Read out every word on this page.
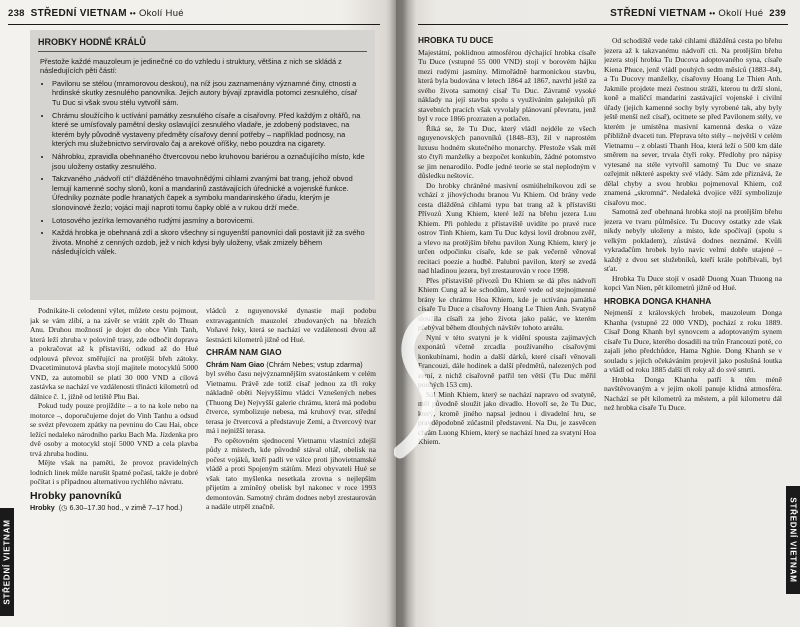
238 STŘEDNÍ VIETNAM •• Okolí Hué
HROBKY HODNÉ KRÁLŮ
Přestože každé mauzoleum je jedinečné co do vzhledu i struktury, většina z nich se skládá z následujících pěti částí:
• Pavilonu se stélou (mramorovou deskou), na níž jsou zaznamenány významné činy, ctnosti a hrdinské skutky zesnulého panovníka. Jejich autory bývají zpravidla potomci zesnulého, císař Tu Duc si však svou stélu vytvořil sám.
• Chrámu sloužícího k uctívání památky zesnulého císaře a císařovny. Před každým z oltářů, na které se umísťovaly pamětní desky oslavující zesnulého vladaře, je zdobený podstavec, na kterém byly původně vystaveny předměty císařovy denní potřeby – například podnosy, na kterých mu služebnictvo servírovalo čaj a arekové oříšky, nebo pouzdra na cigarety.
• Náhrobku, zpravidla obehnaného čtvercovou nebo kruhovou bariérou a označujícího místo, kde jsou uloženy ostatky zesnulého.
• Takzvaného „nádvoří ctí“ dlážděného tmavohnědými cihlami zvanými bat trang, jehož obvod lemují kamenné sochy slonů, koní a mandarinů zastávajících úřednické a vojenské funkce. Úředníky poznáte podle hranatých čapek a symbolu mandarinského úřadu, kterým je slonovinové žezlo; vojáci mají naproti tomu čapky oblé a v rukou drží meče.
• Lotosového jezírka lemovaného rudými jasmíny a borovicemi.
• Každá hrobka je obehnaná zdí a skoro všechny si nguyenští panovníci dali postavit již za svého života. Mnohé z cenných ozdob, jež v nich kdysi byly uloženy, však zmizely během následujících válek.

Podnikáte-li celodenní výlet, můžete cestu pojmout, jak se vám zlíbí, a na závěr se vrátit zpět do Thuan Anu. Druhou možností je dojet do obce Vinh Tanh, která leží zhruba v polovině trasy, zde odbočit doprava a pokračovat až k přístavišti, odkud až do Hué odplouvá převoz směřující na protější břeh zátoky. Dvacetiminutová plavba stojí majitele motocyklů 5000 VND, za automobil se platí 30 000 VND a cílová zastávka se nachází ve vzdálenosti třinácti kilometrů od dálnice č. 1, jižně od letiště Phu Bai.

Pokud tudy pouze projíždíte – a to na kole nebo na motorce –, doporučujeme dojet do Vinh Tanhu a odsud se svézt převozem zpátky na pevninu do Cau Hai, obce ležící nedaleko národního parku Bach Ma. Jízdenka pro dvě osoby a motocykl stojí 5000 VND a cela plavba trvá zhruba hodinu.

Mějte však na paměti, že provoz pravidelných lodních linek může narušit špatné počasí, takže je dobré počítat i s případnou alternativou rychlého návratu.

Hrobky panovníků
Hrobky  (◷ 6.30–17.30 hod., v zimě 7–17 hod.)

vládců z nguyenovské dynastie mají podobu extravagantních mauzoleí zbudovaných na březích Voňavé řeky, která se nachází ve vzdálenosti dvou až šestnácti kilometrů jižně od Hué.

CHRÁM NAM GIAO
Chrám Nam Giao (Chrám Nebes; vstup zdarma)

byl svého času nejvýznamnějším svatostánkem v celém Vietnamu. Právě zde totiž císař jednou za tři roky nákladně oběti Nejvyššímu vládci Vznešených nebes (Thuong De) Nejvyšší galerie chrámu, která má podobu čtverce, symbolizuje nebesa, má kruhový tvar, střední terasa je čtvercová a představuje Zemi, a čtvercový tvar má i nejnižší terasa.

Po opětovném sjednocení Vietnamu vlastníci zdejší půdy z místech, kde původně stával oltář, obelisk na počest vojáků, kteří padli ve válce proti jihovietnamské vládě a proti Spojeným státům. Mezi obyvateli Hué se však tato myšlenka nesetkala zrovna s nejlepším přijetím a zmíněný obelisk byl nakonec v roce 1993 demontován. Samotný chrám dodnes nebyl zrestaurován a nadále utrpěl značně.

STŘEDNÍ VIETNAM
STŘEDNÍ VIETNAM •• Okolí Hué 239
HROBKA TU DUCE

Majestátní, poklidnou atmosférou dýchající hrobka císaře Tu Duce (vstupné 55 000 VND) stojí v borovém hájku mezi rudými jasmíny. Mimořádně harmonickou stavbu, která byla budována v letech 1864 až 1867, navrhl ještě za svého života samotný císař Tu Duc. Závratně vysoké náklady na její stavbu spolu s využíváním galejníků při stavebních pracích však vyvolaly plánovaní převratu, jenž byl v roce 1866 prozrazen a potlačen.

Říká se, že Tu Duc, který vládl nejdéle ze všech nguyenovských panovníků (1848–83), žil v naprostém luxusu hodném skutečného monarchy. Přestože však měl sto čtyři manželky a bezpočet konkubín, žádné potomstvo se jim nenarodilo. Podle jedné teorie se stal neplodným v důsledku neštovic.

Do hrobky chráněné masivní osmiúhelníkovou zdí se vchází z jihovýchodu branou Vu Khiem. Od brány vede cesta dlážděná cihlami typu bat trang až k přístavišti Přívozů Xung Khiem, které leží na břehu jezera Luu Khiem. Při pohledu z přístaviště uvidíte po pravé ruce ostrov Tinh Khiem, kam Tu Duc kdysi lovil drobnou zvěř, a vlevo na protějším břehu pavilon Xung Khiem, který je určen odpočinku císaře, kde se pak večerně věnoval recitaci poezie a hudbě. Palubní pavilon, který se zvedá nad hladinou jezera, byl zrestaurován v roce 1998.

Přes přístaviště přivozů Du Khiem se dá přes nádvoří Khiem Cung až ke schodům, které vede od stejnojmenné brány ke chrámu Hoa Khiem, kde je uctívána památka císaře Tu Duce a císařovny Hoang Le Thien Anh. Svatyně sloužila císaři za jeho života jako palác, ve kterém přebýval během dlouhých návštěv tohoto areálu.

Nyní v této svatyni je k vidění spousta zajímavých exponátů včetně zrcadla používaného císařovými konkubínami, hodin a další dárků, které císaři věnovali Francouzi, dále hodinek a další předmětů, nalezených pod zemí, z nichž císařovně patřil ten větší (Tu Duc měřil pouhých 153 cm).

Sál Minh Khiem, který se nachází napravo od svatyně, měl původně sloužit jako divadlo. Hovoří se, že Tu Duc, který, kromě jiného napsal jednou i divadelní hru, se pravděpodobně zúčastnil představení. Na Du, je zasvěcen chrám Luong Khiem, který se nachází hned za svatyní Hoa Khiem.

Od schodiště vede také cihlami dlážděná cesta po břehu jezera až k takzvanému nádvoří cti. Na protějším břehu jezera stojí hrobka Tu Ducova adoptovaného syna, císaře Kiena Phuce, jenž vládl pouhých sedm měsíců (1883–84), a Tu Ducovy manželky, císařovny Hoang Le Thien Anh. Jakmile projdete mezi čestnou stráží, kterou tu drží sloni, koně a malíčcí mandarini zastávající vojenské i civilní úřady (jejich kamenné sochy byly vyrobené tak, aby byly ještě menší než císař), ocitnete se před Pavilonem stély, ve kterém je umístěna masivní kamenná deska o váze přibližně dvaceti tun. Přeprava této stély – největší v celém Vietnamu – z oblasti Thanh Hoa, která leží o 500 km dále směrem na sever, trvala čtyři roky. Předlohy pro nápisy vytesané na stéle vytvořil samotný Tu Duc ve snaze ozřejmit některé aspekty své vlády. Sám zde přiznává, že dělal chyby a svou hrobku pojmenoval Khiem, což znamená „skromná“. Nedaleká dvojice věží symbolizuje císařovu moc.

Samotná zeď obehnaná hrobka stojí na protějším břehu jezera ve tvaru půlměsíce. Tu Ducovy ostatky zde však nikdy nebyly uloženy a místo, kde spočívají (spolu s velkým pokladem), zůstává dodnes neznámé. Kvůli vykradačům hrobek bylo navíc velmi dobře utajené – každý z dvou set služebníků, kteří krále pohřbívali, byl sťat.

Hrobka Tu Duce stojí v osadě Duong Xuan Thuong na kopci Van Nien, pět kilometrů jižně od Hué.

HROBKA DONGA KHANHA

Nejmenší z královských hrobek, mauzoleum Donga Khanha (vstupné 22 000 VND), pochází z roku 1889. Císař Dong Khanh byl synovcem a adoptovaným synem císaře Tu Duce, kterého dosadili na trůn Francouzi poté, co zajali jeho předchůdce, Hama Nghie. Dong Khanh se v souladu s jejich očekáváním projevil jako poslušná loutka a vládl od roku 1885 další tři roky až do své smrti.

Hrobka Donga Khanha patří k těm méně navštěvovaným a v jejím okolí panuje klidná atmosféra. Nachází se pět kilometrů za městem, a půl kilometru dál než hrobka císaře Tu Duce.

STŘEDNÍ VIETNAM
